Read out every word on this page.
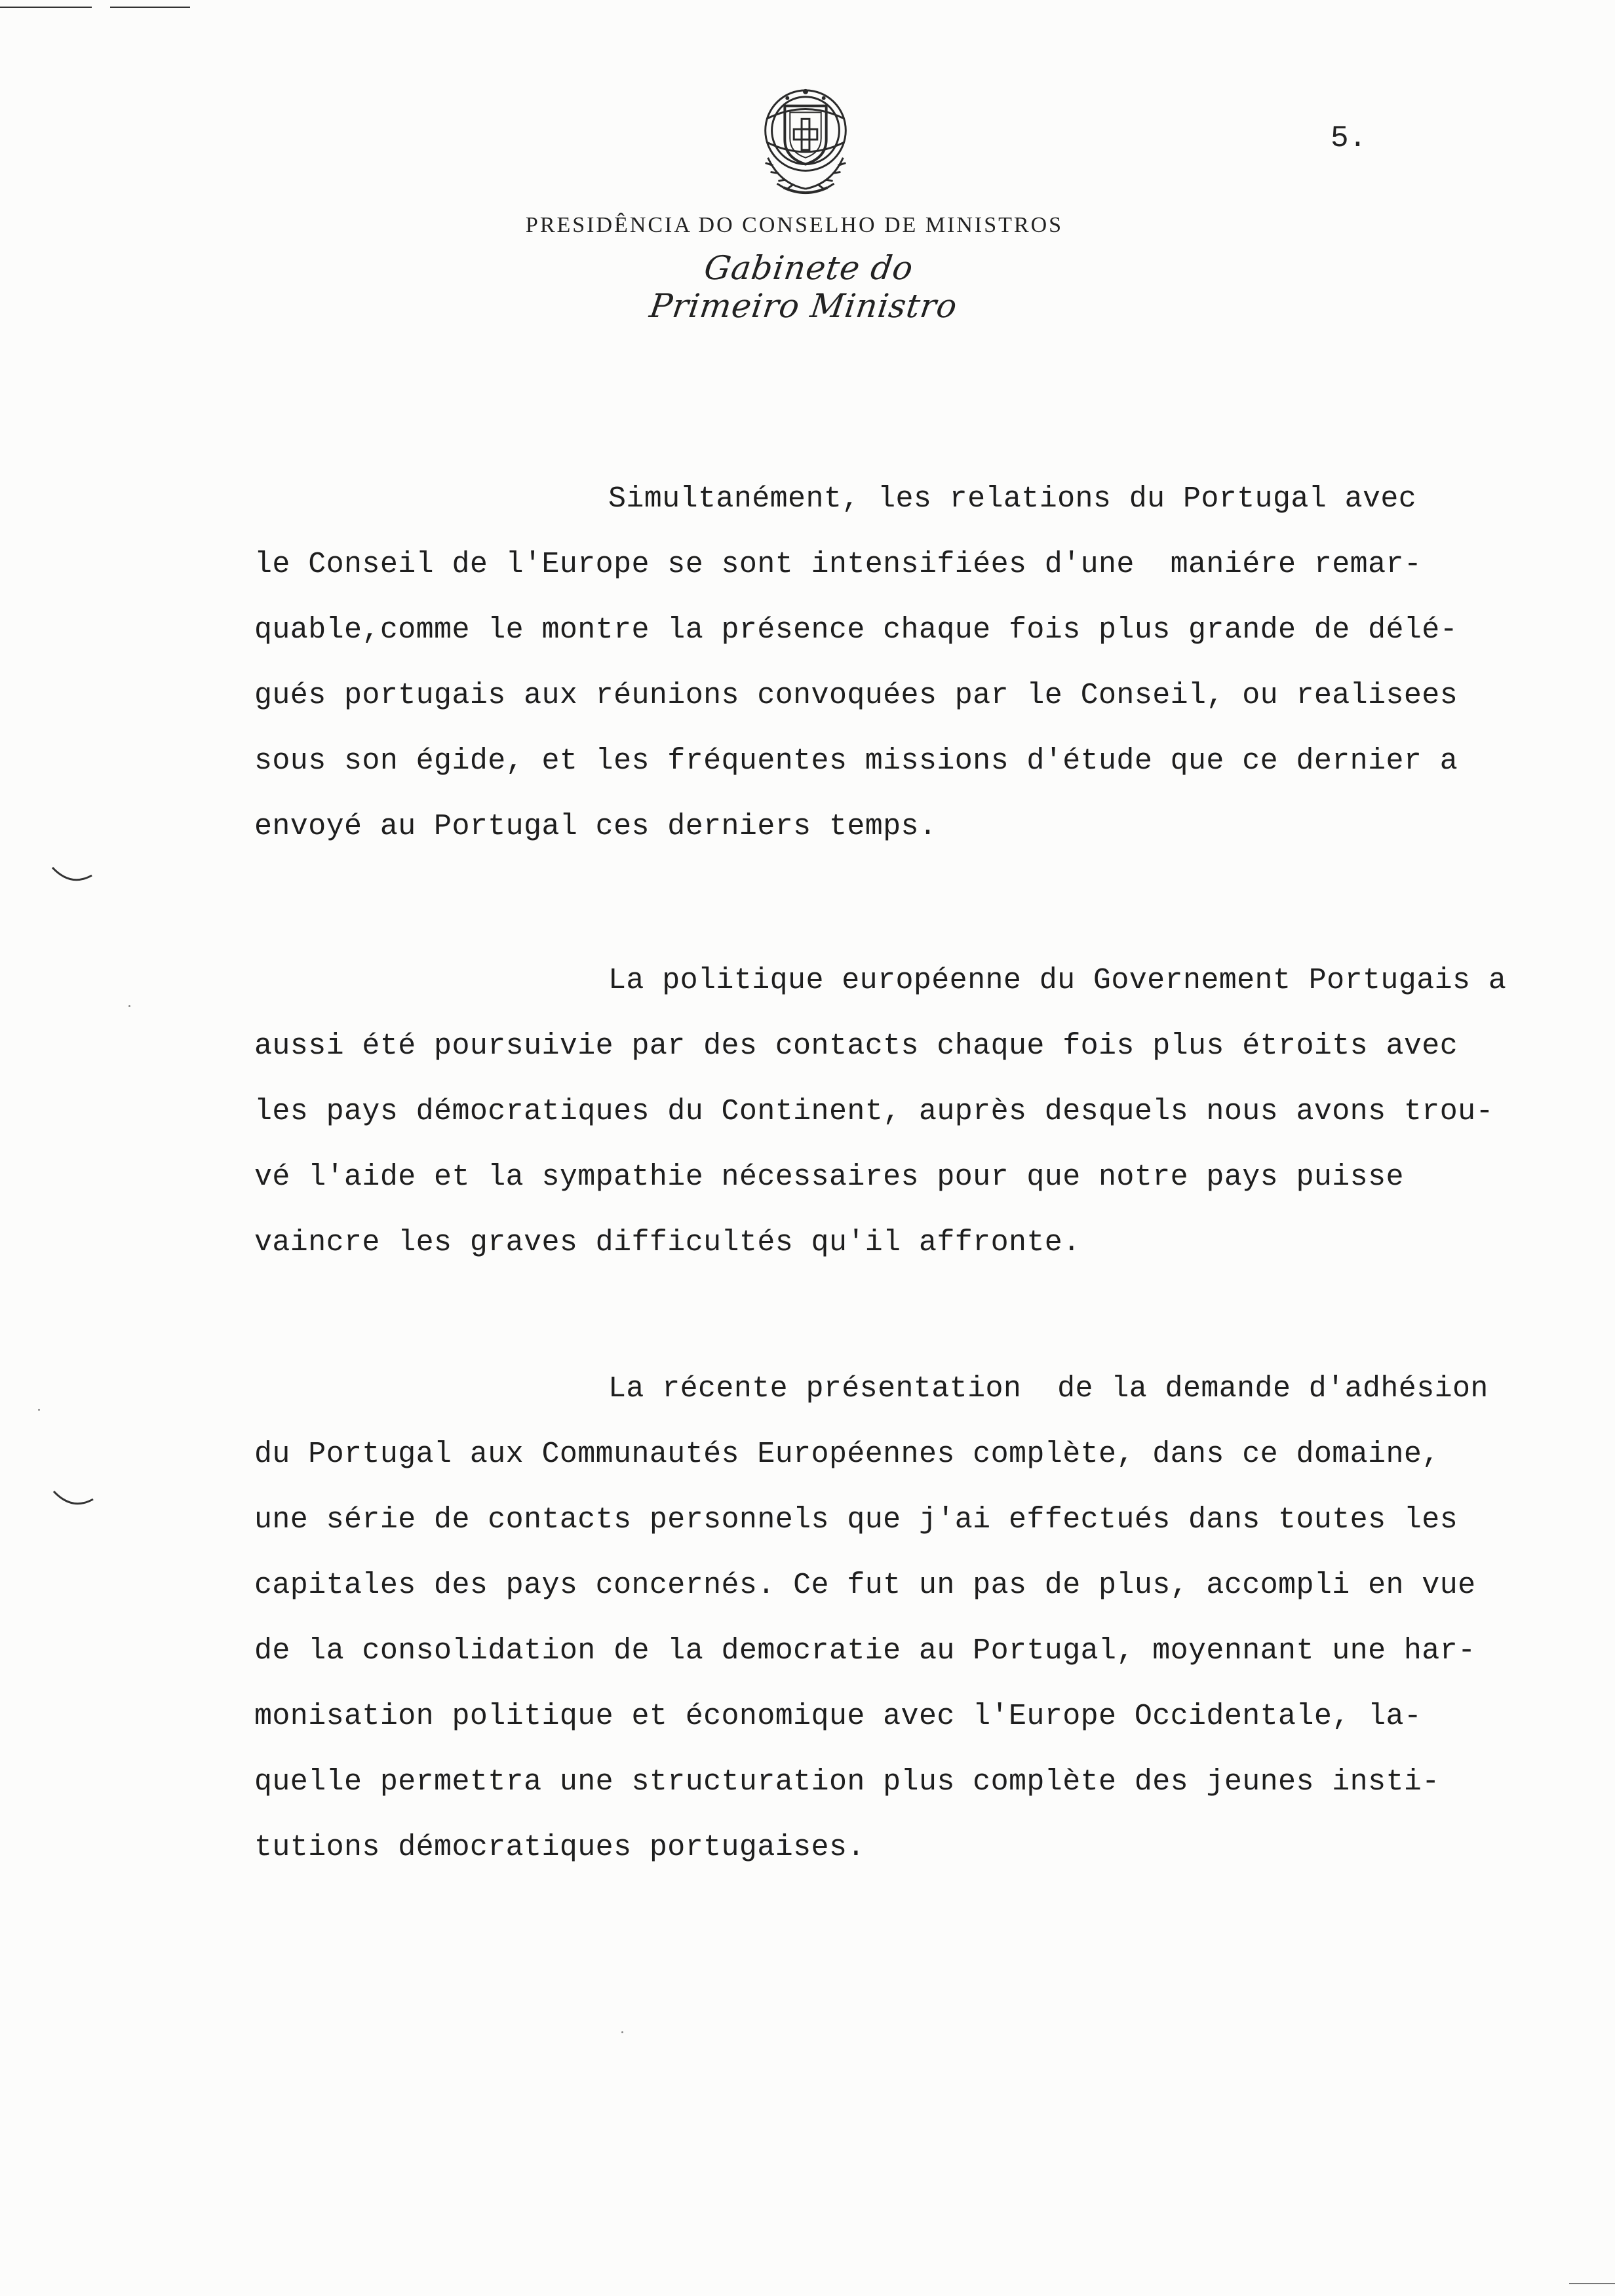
5.
PRESIDÊNCIA DO CONSELHO DE MINISTROS
Gabinete do Primeiro Ministro
Simultanément, les relations du Portugal avec
le Conseil de l'Europe se sont intensifiées d'une  maniére remar-
quable,comme le montre la présence chaque fois plus grande de délé-
gués portugais aux réunions convoquées par le Conseil, ou realisees
sous son égide, et les fréquentes missions d'étude que ce dernier a
envoyé au Portugal ces derniers temps.
La politique européenne du Governement Portugais a
aussi été poursuivie par des contacts chaque fois plus étroits avec
les pays démocratiques du Continent, auprès desquels nous avons trou-
vé l'aide et la sympathie nécessaires pour que notre pays puisse
vaincre les graves difficultés qu'il affronte.
La récente présentation  de la demande d'adhésion
du Portugal aux Communautés Européennes complète, dans ce domaine,
une série de contacts personnels que j'ai effectués dans toutes les
capitales des pays concernés. Ce fut un pas de plus, accompli en vue
de la consolidation de la democratie au Portugal, moyennant une har-
monisation politique et économique avec l'Europe Occidentale, la-
quelle permettra une structuration plus complète des jeunes insti-
tutions démocratiques portugaises.
